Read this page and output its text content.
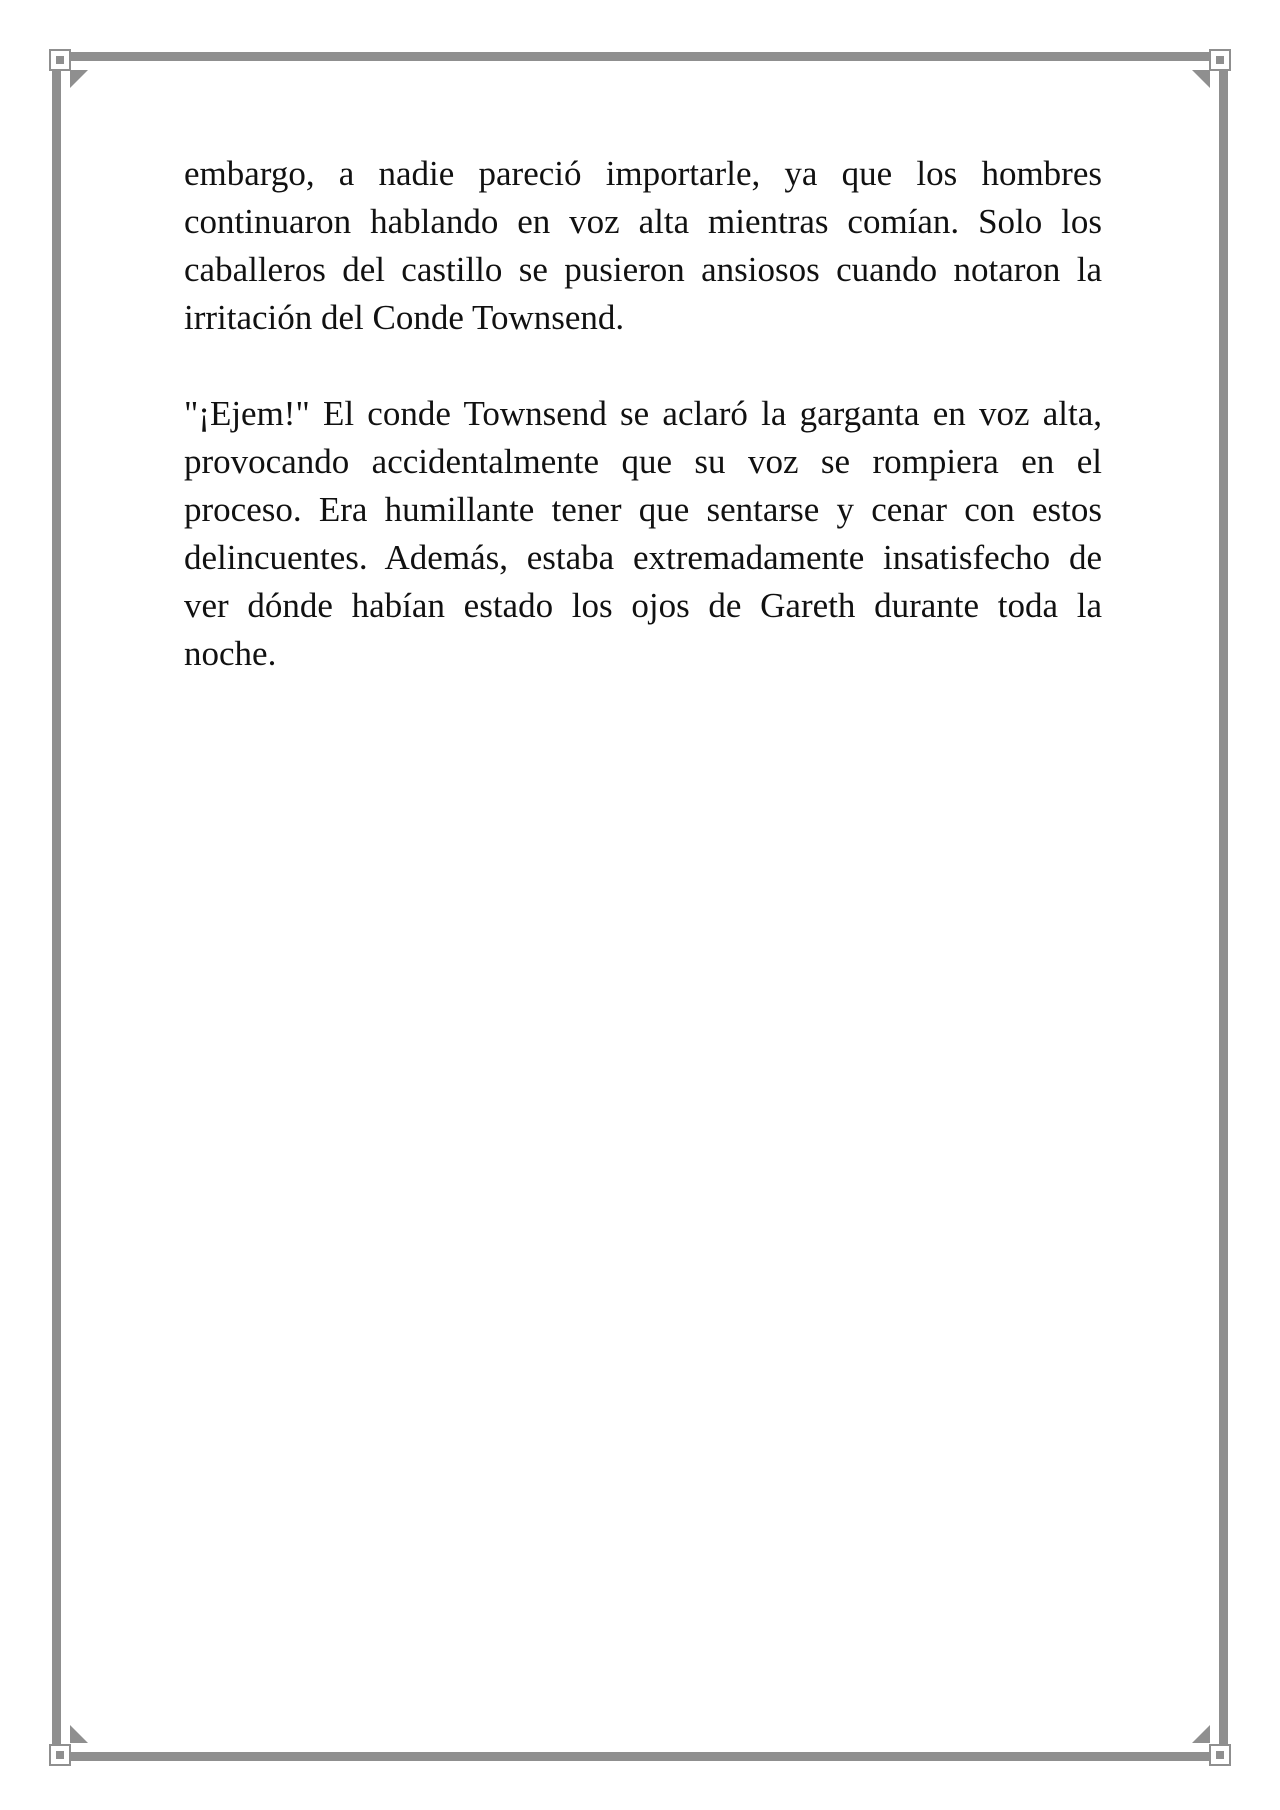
embargo, a nadie pareció importarle, ya que los hombres continuaron hablando en voz alta mientras comían. Solo los caballeros del castillo se pusieron ansiosos cuando notaron la irritación del Conde Townsend.

"¡Ejem!" El conde Townsend se aclaró la garganta en voz alta, provocando accidentalmente que su voz se rompiera en el proceso. Era humillante tener que sentarse y cenar con estos delincuentes. Además, estaba extremadamente insatisfecho de ver dónde habían estado los ojos de Gareth durante toda la noche.
